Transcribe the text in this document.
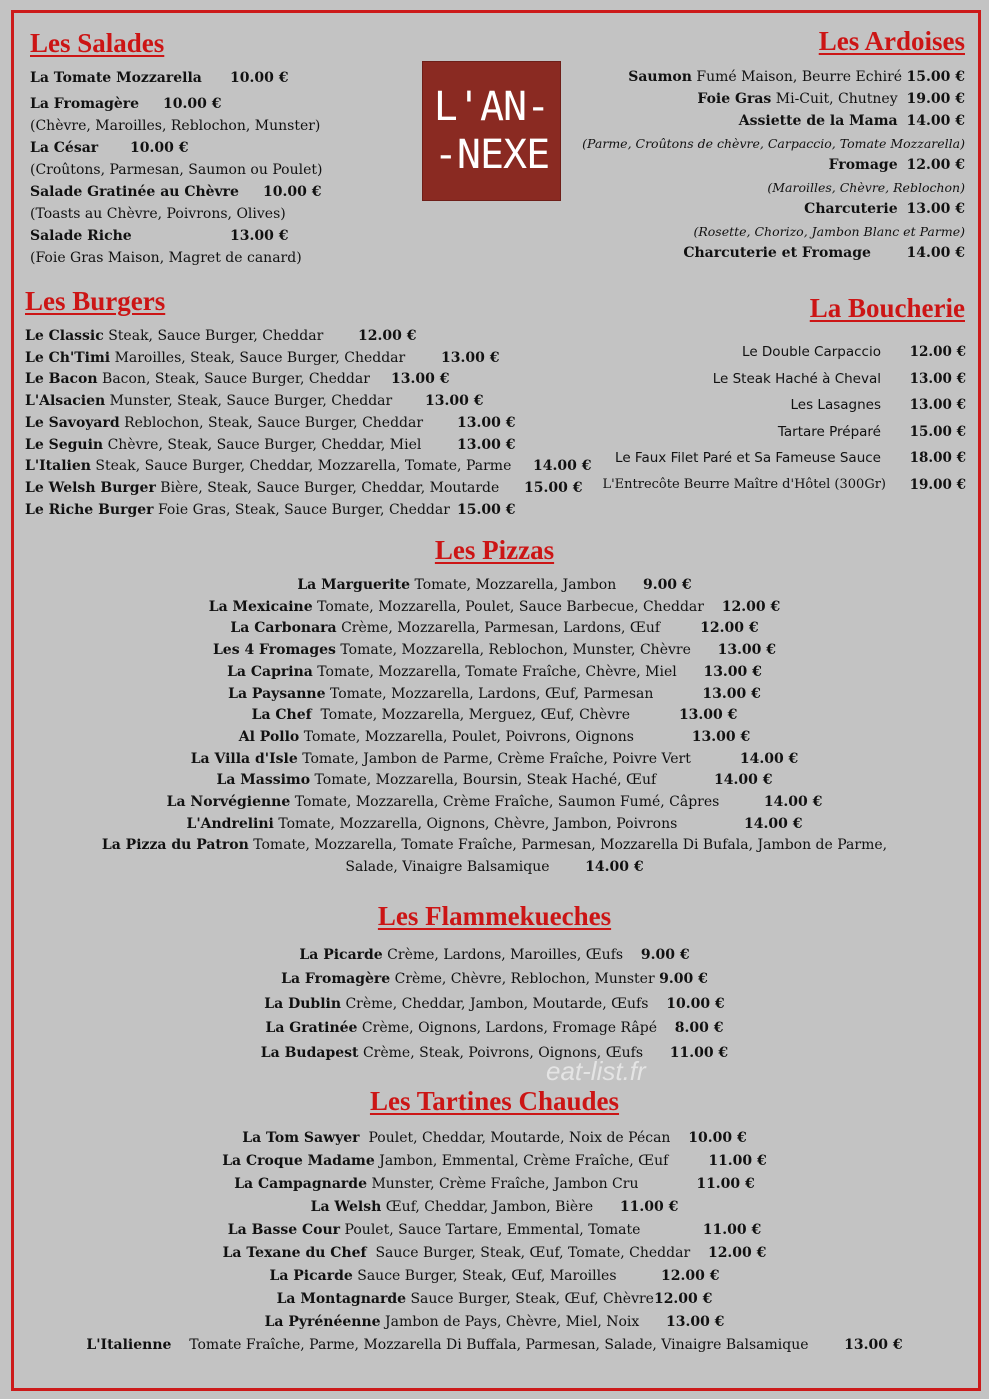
L'AN-
-NEXE
eat-list.fr
Les Salades
La Tomate Mozzarella 10.00 €
La Fromagère 10.00 €
(Chèvre, Maroilles, Reblochon, Munster)
La César 10.00 €
(Croûtons, Parmesan, Saumon ou Poulet)
Salade Gratinée au Chèvre 10.00 €
(Toasts au Chèvre, Poivrons, Olives)
Salade Riche	13.00 €
(Foie Gras Maison, Magret de canard)
Les Ardoises
Saumon Fumé Maison, Beurre Echiré 15.00 €
Foie Gras Mi-Cuit, Chutney 19.00 €
Assiette de la Mama 14.00 €
(Parme, Croûtons de chèvre, Carpaccio, Tomate Mozzarella)
Fromage 12.00 €
(Maroilles, Chèvre, Reblochon)
Charcuterie 13.00 €
(Rosette, Chorizo, Jambon Blanc et Parme)
Charcuterie et Fromage	14.00 €
Les Burgers
Le Classic Steak, Sauce Burger, Cheddar 12.00 €
Le Ch'Timi Maroilles, Steak, Sauce Burger, Cheddar	13.00 €
Le Bacon Bacon, Steak, Sauce Burger, Cheddar 13.00 €
L'Alsacien Munster, Steak, Sauce Burger, Cheddar 13.00 €
Le Savoyard Reblochon, Steak, Sauce Burger, Cheddar 13.00 €
Le Seguin Chèvre, Steak, Sauce Burger, Cheddar, Miel	13.00 €
L'Italien Steak, Sauce Burger, Cheddar, Mozzarella, Tomate, Parme 14.00 €
Le Welsh Burger Bière, Steak, Sauce Burger, Cheddar, Moutarde 15.00 €
Le Riche Burger Foie Gras, Steak, Sauce Burger, Cheddar 15.00 €
La Boucherie
Le Double Carpaccio 12.00 €
Le Steak Haché à Cheval 13.00 €
Les Lasagnes 13.00 €
Tartare Préparé 15.00 €
Le Faux Filet Paré et Sa Fameuse Sauce 18.00 €
L'Entrecôte Beurre Maître d'Hôtel (300Gr) 19.00 €
Les Pizzas
La Marguerite Tomate, Mozzarella, Jambon 9.00 €
La Mexicaine Tomate, Mozzarella, Poulet, Sauce Barbecue, Cheddar 12.00 €
La Carbonara Crème, Mozzarella, Parmesan, Lardons, Œuf	12.00 €
Les 4 Fromages Tomate, Mozzarella, Reblochon, Munster, Chèvre 13.00 €
La Caprina Tomate, Mozzarella, Tomate Fraîche, Chèvre, Miel 13.00 €
La Paysanne Tomate, Mozzarella, Lardons, Œuf, Parmesan	13.00 €
La Chef Tomate, Mozzarella, Merguez, Œuf, Chèvre	13.00 €
Al Pollo Tomate, Mozzarella, Poulet, Poivrons, Oignons	13.00 €
La Villa d'Isle Tomate, Jambon de Parme, Crème Fraîche, Poivre Vert	14.00 €
La Massimo Tomate, Mozzarella, Boursin, Steak Haché, Œuf	14.00 €
La Norvégienne Tomate, Mozzarella, Crème Fraîche, Saumon Fumé, Câpres	14.00 €
L'Andrelini Tomate, Mozzarella, Oignons, Chèvre, Jambon, Poivrons	14.00 €
La Pizza du Patron Tomate, Mozzarella, Tomate Fraîche, Parmesan, Mozzarella Di Bufala, Jambon de Parme,
Salade, Vinaigre Balsamique	14.00 €
Les Flammekueches
La Picarde Crème, Lardons, Maroilles, Œufs 9.00 €
La Fromagère Crème, Chèvre, Reblochon, Munster 9.00 €
La Dublin Crème, Cheddar, Jambon, Moutarde, Œufs 10.00 €
La Gratinée Crème, Oignons, Lardons, Fromage Râpé 8.00 €
La Budapest Crème, Steak, Poivrons, Oignons, Œufs 11.00 €
Les Tartines Chaudes
La Tom Sawyer Poulet, Cheddar, Moutarde, Noix de Pécan 10.00 €
La Croque Madame Jambon, Emmental, Crème Fraîche, Œuf	11.00 €
La Campagnarde Munster, Crème Fraîche, Jambon Cru	11.00 €
La Welsh Œuf, Cheddar, Jambon, Bière 11.00 €
La Basse Cour Poulet, Sauce Tartare, Emmental, Tomate	11.00 €
La Texane du Chef Sauce Burger, Steak, Œuf, Tomate, Cheddar 12.00 €
La Picarde Sauce Burger, Steak, Œuf, Maroilles	12.00 €
La Montagnarde Sauce Burger, Steak, Œuf, Chèvre12.00 €
La Pyrénéenne Jambon de Pays, Chèvre, Miel, Noix 13.00 €
L'Italienne Tomate Fraîche, Parme, Mozzarella Di Buffala, Parmesan, Salade, Vinaigre Balsamique	13.00 €
